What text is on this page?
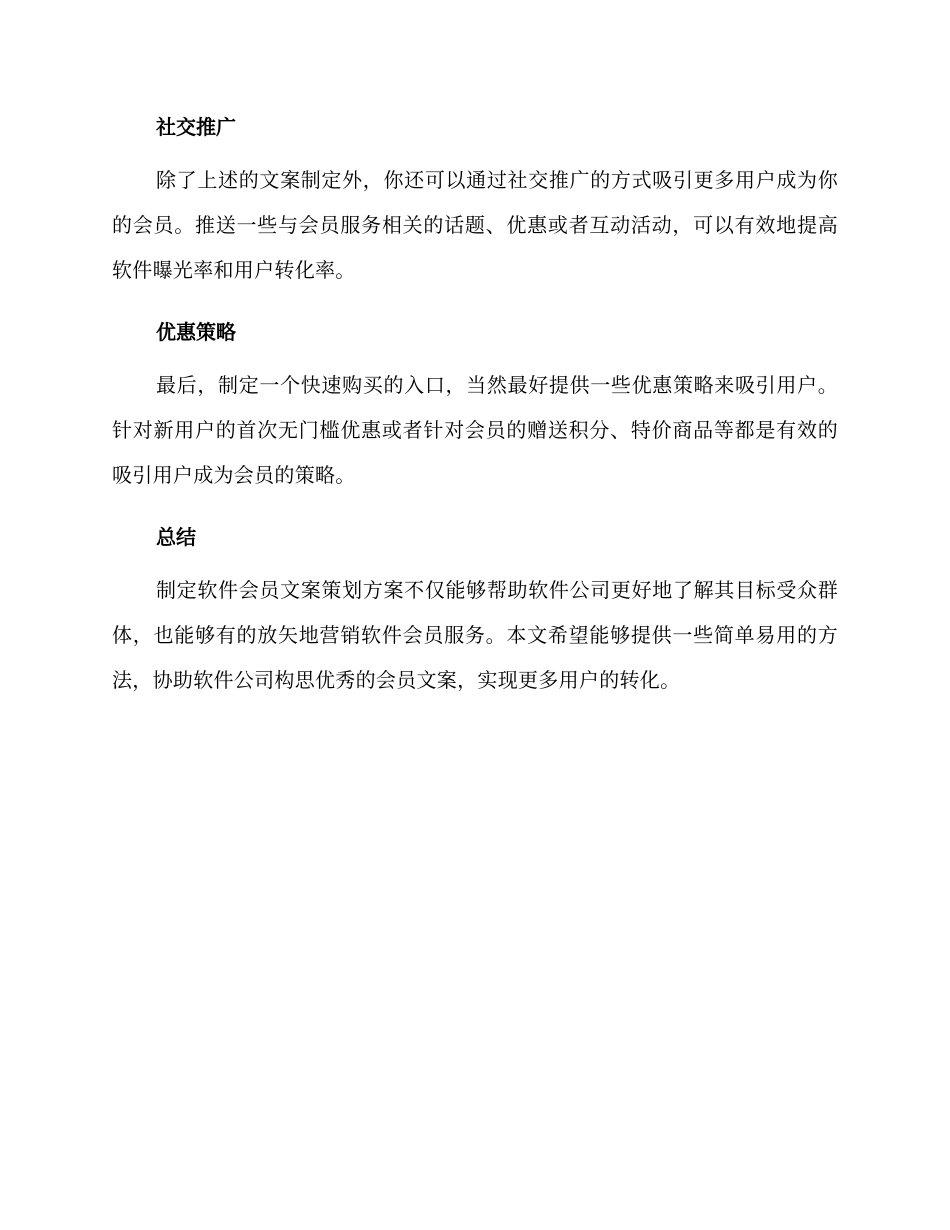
社交推广

除了上述的文案制定外，你还可以通过社交推广的方式吸引更多用户成为你的会员。推送一些与会员服务相关的话题、优惠或者互动活动，可以有效地提高软件曝光率和用户转化率。

优惠策略

最后，制定一个快速购买的入口，当然最好提供一些优惠策略来吸引用户。针对新用户的首次无门槛优惠或者针对会员的赠送积分、特价商品等都是有效的吸引用户成为会员的策略。

总结

制定软件会员文案策划方案不仅能够帮助软件公司更好地了解其目标受众群体，也能够有的放矢地营销软件会员服务。本文希望能够提供一些简单易用的方法，协助软件公司构思优秀的会员文案，实现更多用户的转化。
